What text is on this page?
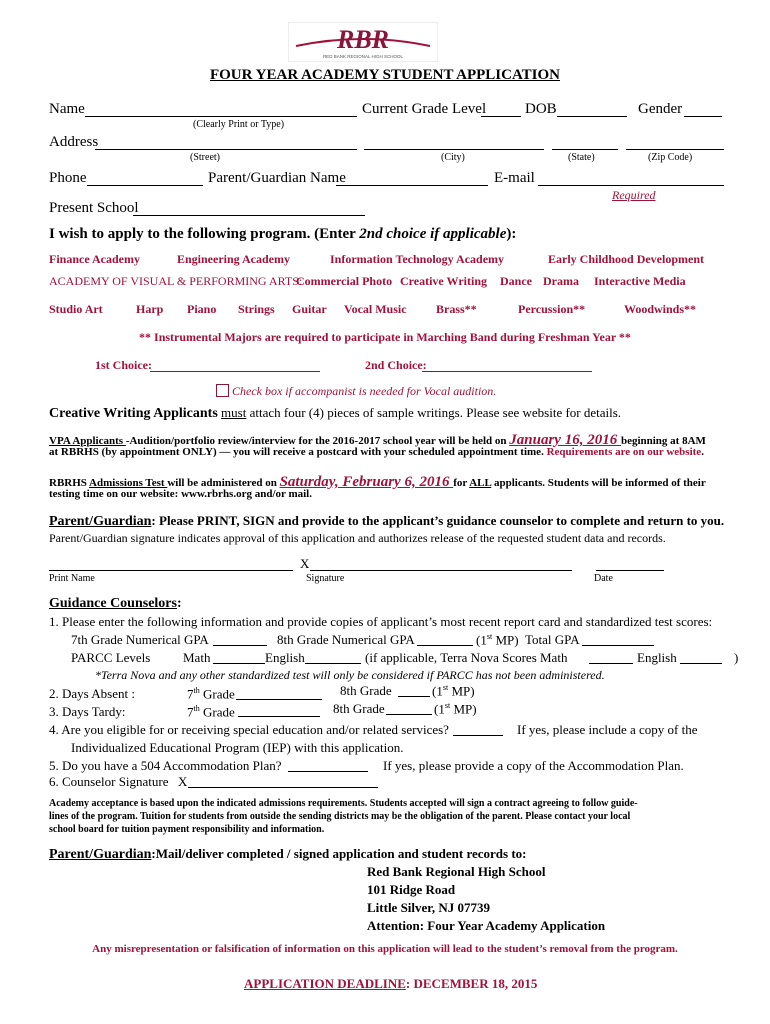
RBR
RED BANK REGIONAL HIGH SCHOOL
FOUR YEAR ACADEMY STUDENT APPLICATION
Name	Current Grade Level	DOB	Gender
(Clearly Print or Type)
Address
(Street)	(City)	(State)	(Zip Code)
Phone	Parent/Guardian Name	E-mail
Required
Present School
I wish to apply to the following program. (Enter 2nd choice if applicable):
Finance Academy	Engineering Academy	Information Technology Academy	Early Childhood Development
ACADEMY OF VISUAL & PERFORMING ARTS:
Commercial Photo Creative Writing Dance Drama Interactive Media
Studio Art	Harp Piano Strings Guitar Vocal Music Brass**	Percussion**	Woodwinds**
** Instrumental Majors are required to participate in Marching Band during Freshman Year **
1st Choice:	2nd Choice:
Check box if accompanist is needed for Vocal audition.
Creative Writing Applicants must attach four (4) pieces of sample writings. Please see website for details.
VPA Applicants -Audition/portfolio review/interview for the 2016-2017 school year will be held on January 16, 2016 beginning at 8AM
at RBRHS (by appointment ONLY) — you will receive a postcard with your scheduled appointment time. Requirements are on our website.
RBRHS Admissions Test will be administered on Saturday, February 6, 2016 for ALL applicants. Students will be informed of their
testing time on our website: www.rbrhs.org and/or mail.
Parent/Guardian: Please PRINT, SIGN and provide to the applicant’s guidance counselor to complete and return to you.
Parent/Guardian signature indicates approval of this application and authorizes release of the requested student data and records.
X
Print Name	Signature	Date
Guidance Counselors:
1. Please enter the following information and provide copies of applicant’s most recent report card and standardized test scores:
7th Grade Numerical GPA	8th Grade Numerical GPA	(1st MP) Total GPA
PARCC Levels	Math	English	(if applicable, Terra Nova Scores Math	English	)
*Terra Nova and any other standardized test will only be considered if PARCC has not been administered.
2. Days Absent :	7th Grade	8th Grade	(1st MP)
3. Days Tardy:	7th Grade	8th Grade	(1st MP)
4. Are you eligible for or receiving special education and/or related services?	If yes, please include a copy of the
Individualized Educational Program (IEP) with this application.
5. Do you have a 504 Accommodation Plan?	If yes, please provide a copy of the Accommodation Plan.
6. Counselor Signature X
Academy acceptance is based upon the indicated admissions requirements. Students accepted will sign a contract agreeing to follow guide-
lines of the program. Tuition for students from outside the sending districts may be the obligation of the parent. Please contact your local
school board for tuition payment responsibility and information.
Parent/Guardian:Mail/deliver completed / signed application and student records to:
Red Bank Regional High School
101 Ridge Road
Little Silver, NJ 07739
Attention: Four Year Academy Application
Any misrepresentation or falsification of information on this application will lead to the student’s removal from the program.
APPLICATION DEADLINE: DECEMBER 18, 2015
